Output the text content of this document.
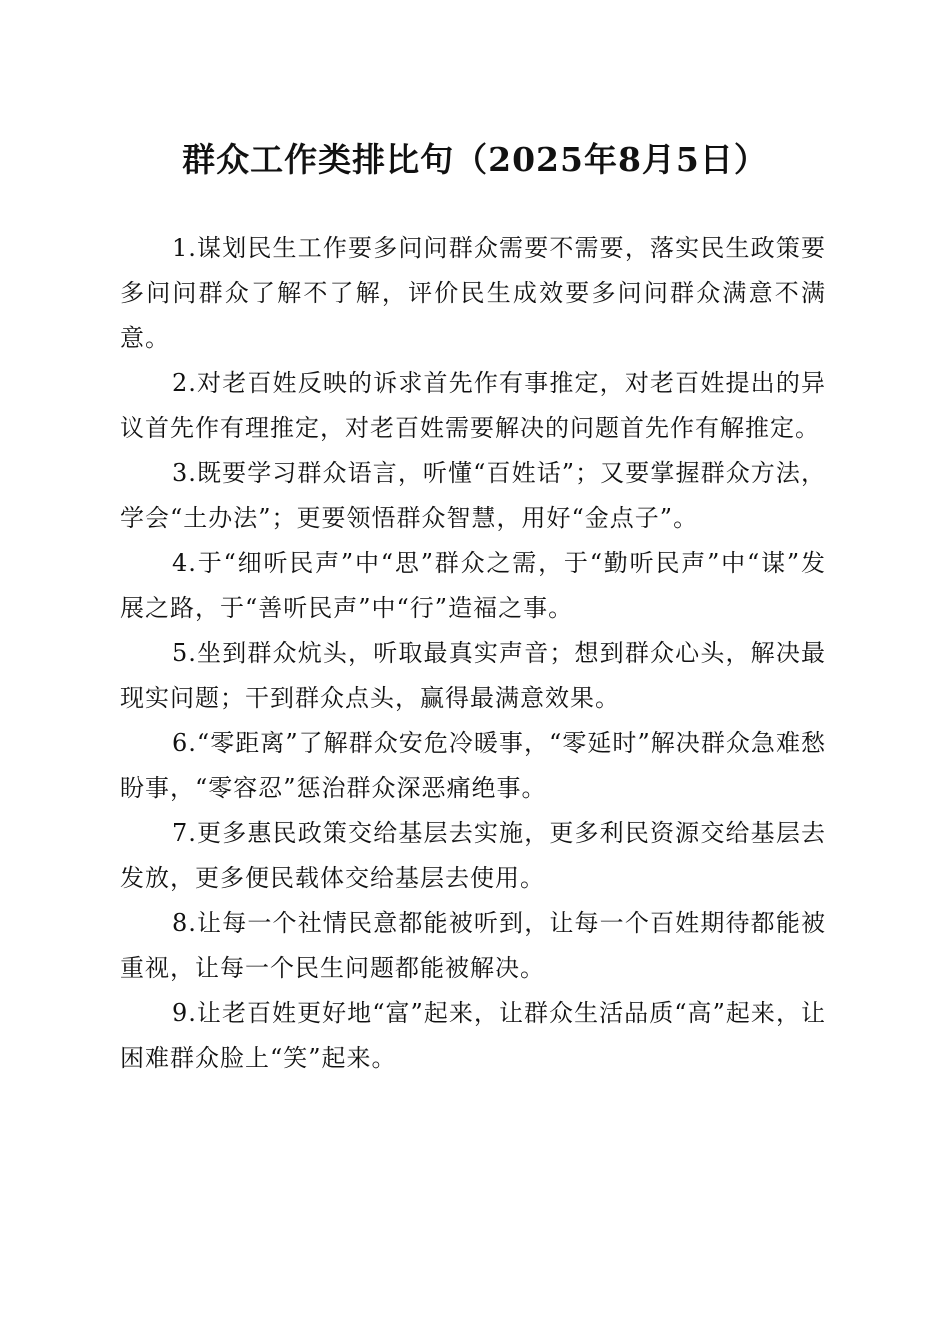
群众工作类排比句（2025年8月5日）

1.谋划民生工作要多问问群众需要不需要，落实民生政策要多问问群众了解不了解，评价民生成效要多问问群众满意不满意。

2.对老百姓反映的诉求首先作有事推定，对老百姓提出的异议首先作有理推定，对老百姓需要解决的问题首先作有解推定。

3.既要学习群众语言，听懂“百姓话”；又要掌握群众方法，学会“土办法”；更要领悟群众智慧，用好“金点子”。

4.于“细听民声”中“思”群众之需，于“勤听民声”中“谋”发展之路，于“善听民声”中“行”造福之事。

5.坐到群众炕头，听取最真实声音；想到群众心头，解决最现实问题；干到群众点头，赢得最满意效果。

6.“零距离”了解群众安危冷暖事，“零延时”解决群众急难愁盼事，“零容忍”惩治群众深恶痛绝事。

7.更多惠民政策交给基层去实施，更多利民资源交给基层去发放，更多便民载体交给基层去使用。

8.让每一个社情民意都能被听到，让每一个百姓期待都能被重视，让每一个民生问题都能被解决。

9.让老百姓更好地“富”起来，让群众生活品质“高”起来，让困难群众脸上“笑”起来。
